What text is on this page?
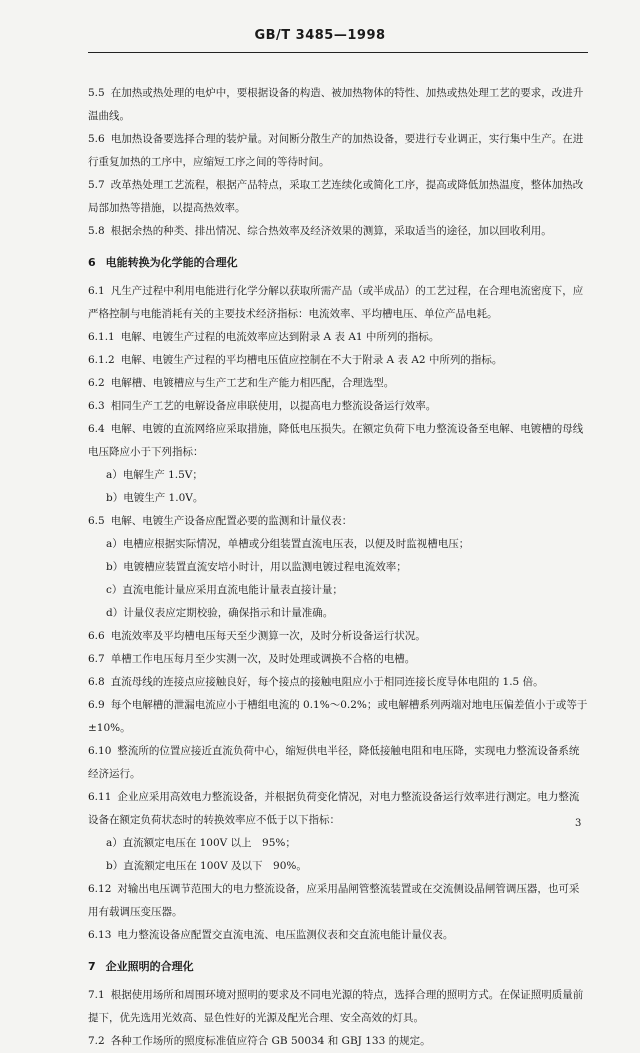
GB/T 3485—1998
5.5 在加热或热处理的电炉中，要根据设备的构造、被加热物体的特性、加热或热处理工艺的要求，改进升温曲线。
5.6 电加热设备要选择合理的装炉量。对间断分散生产的加热设备，要进行专业调正，实行集中生产。在进行重复加热的工序中，应缩短工序之间的等待时间。
5.7 改革热处理工艺流程，根据产品特点，采取工艺连续化或简化工序，提高或降低加热温度，整体加热改局部加热等措施，以提高热效率。
5.8 根据余热的种类、排出情况、综合热效率及经济效果的测算，采取适当的途径，加以回收利用。
6 电能转换为化学能的合理化
6.1 凡生产过程中利用电能进行化学分解以获取所需产品（或半成品）的工艺过程，在合理电流密度下，应严格控制与电能消耗有关的主要技术经济指标：电流效率、平均槽电压、单位产品电耗。
6.1.1 电解、电镀生产过程的电流效率应达到附录 A 表 A1 中所列的指标。
6.1.2 电解、电镀生产过程的平均槽电压值应控制在不大于附录 A 表 A2 中所列的指标。
6.2 电解槽、电镀槽应与生产工艺和生产能力相匹配，合理选型。
6.3 相同生产工艺的电解设备应串联使用，以提高电力整流设备运行效率。
6.4 电解、电镀的直流网络应采取措施，降低电压损失。在额定负荷下电力整流设备至电解、电镀槽的母线电压降应小于下列指标：
a）电解生产 1.5V；
b）电镀生产 1.0V。
6.5 电解、电镀生产设备应配置必要的监测和计量仪表：
a）电槽应根据实际情况，单槽或分组装置直流电压表，以便及时监视槽电压；
b）电镀槽应装置直流安培小时计，用以监测电镀过程电流效率；
c）直流电能计量应采用直流电能计量表直接计量；
d）计量仪表应定期校验，确保指示和计量准确。
6.6 电流效率及平均槽电压每天至少测算一次，及时分析设备运行状况。
6.7 单槽工作电压每月至少实测一次，及时处理或调换不合格的电槽。
6.8 直流母线的连接点应接触良好，每个接点的接触电阻应小于相同连接长度导体电阻的 1.5 倍。
6.9 每个电解槽的泄漏电流应小于槽组电流的 0.1%～0.2%；或电解槽系列两端对地电压偏差值小于或等于±10%。
6.10 整流所的位置应接近直流负荷中心，缩短供电半径，降低接触电阻和电压降，实现电力整流设备系统经济运行。
6.11 企业应采用高效电力整流设备，并根据负荷变化情况，对电力整流设备运行效率进行测定。电力整流设备在额定负荷状态时的转换效率应不低于以下指标：
a）直流额定电压在 100V 以上　95%；
b）直流额定电压在 100V 及以下　90%。
6.12 对输出电压调节范围大的电力整流设备，应采用晶闸管整流装置或在交流侧设晶闸管调压器，也可采用有载调压变压器。
6.13 电力整流设备应配置交直流电流、电压监测仪表和交直流电能计量仪表。
7 企业照明的合理化
7.1 根据使用场所和周围环境对照明的要求及不同电光源的特点，选择合理的照明方式。在保证照明质量前提下，优先选用光效高、显色性好的光源及配光合理、安全高效的灯具。
7.2 各种工作场所的照度标准值应符合 GB 50034 和 GBJ 133 的规定。
3
